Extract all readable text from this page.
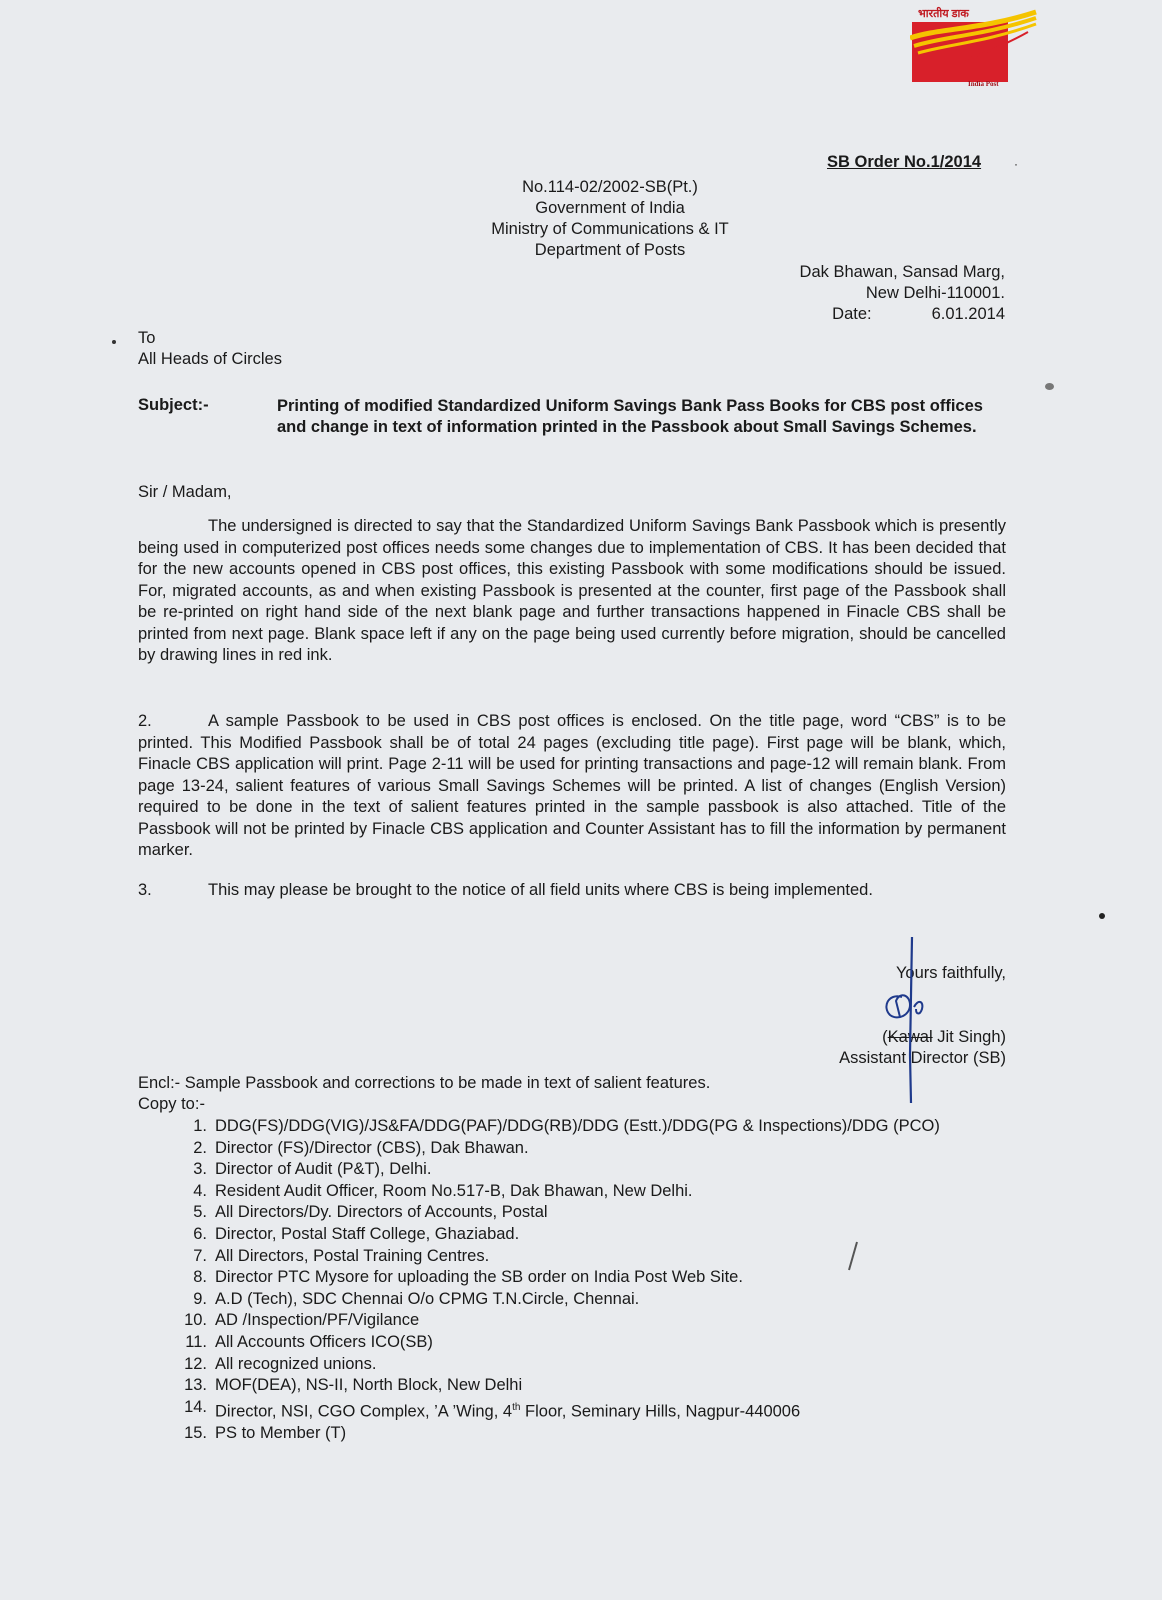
भारतीय डाक
India Post
SB Order No.1/2014	·
No.114-02/2002-SB(Pt.)
Government of India
Ministry of Communications & IT
Department of Posts
Dak Bhawan, Sansad Marg,
New Delhi-110001.
Date:	6.01.2014
To
All Heads of Circles
Subject:-	Printing of modified Standardized Uniform Savings Bank Pass Books for CBS post offices and change in text of information printed in the Passbook about Small Savings Schemes.
Sir / Madam,
The undersigned is directed to say that the Standardized Uniform Savings Bank Passbook which is presently being used in computerized post offices needs some changes due to implementation of CBS. It has been decided that for the new accounts opened in CBS post offices, this existing Passbook with some modifications should be issued. For, migrated accounts, as and when existing Passbook is presented at the counter, first page of the Passbook shall be re-printed on right hand side of the next blank page and further transactions happened in Finacle CBS shall be printed from next page. Blank space left if any on the page being used currently before migration, should be cancelled by drawing lines in red ink.
2.	A sample Passbook to be used in CBS post offices is enclosed. On the title page, word “CBS” is to be printed. This Modified Passbook shall be of total 24 pages (excluding title page). First page will be blank, which, Finacle CBS application will print. Page 2-11 will be used for printing transactions and page-12 will remain blank. From page 13-24, salient features of various Small Savings Schemes will be printed. A list of changes (English Version) required to be done in the text of salient features printed in the sample passbook is also attached. Title of the Passbook will not be printed by Finacle CBS application and Counter Assistant has to fill the information by permanent marker.
3.	This may please be brought to the notice of all field units where CBS is being implemented.
Yours faithfully,
(Kawal Jit Singh)
Assistant Director (SB)
Encl:- Sample Passbook and corrections to be made in text of salient features.
Copy to:-
1. DDG(FS)/DDG(VIG)/JS&FA/DDG(PAF)/DDG(RB)/DDG (Estt.)/DDG(PG & Inspections)/DDG (PCO)
2. Director (FS)/Director (CBS), Dak Bhawan.
3. Director of Audit (P&T), Delhi.
4. Resident Audit Officer, Room No.517-B, Dak Bhawan, New Delhi.
5. All Directors/Dy. Directors of Accounts, Postal
6. Director, Postal Staff College, Ghaziabad.
7. All Directors, Postal Training Centres.
8. Director PTC Mysore for uploading the SB order on India Post Web Site.
9. A.D (Tech), SDC Chennai O/o CPMG T.N.Circle, Chennai.
10. AD /Inspection/PF/Vigilance
11. All Accounts Officers ICO(SB)
12. All recognized unions.
13. MOF(DEA), NS-II, North Block, New Delhi
14. Director, NSI, CGO Complex, ’A ’Wing, 4th Floor, Seminary Hills, Nagpur-440006
15. PS to Member (T)
